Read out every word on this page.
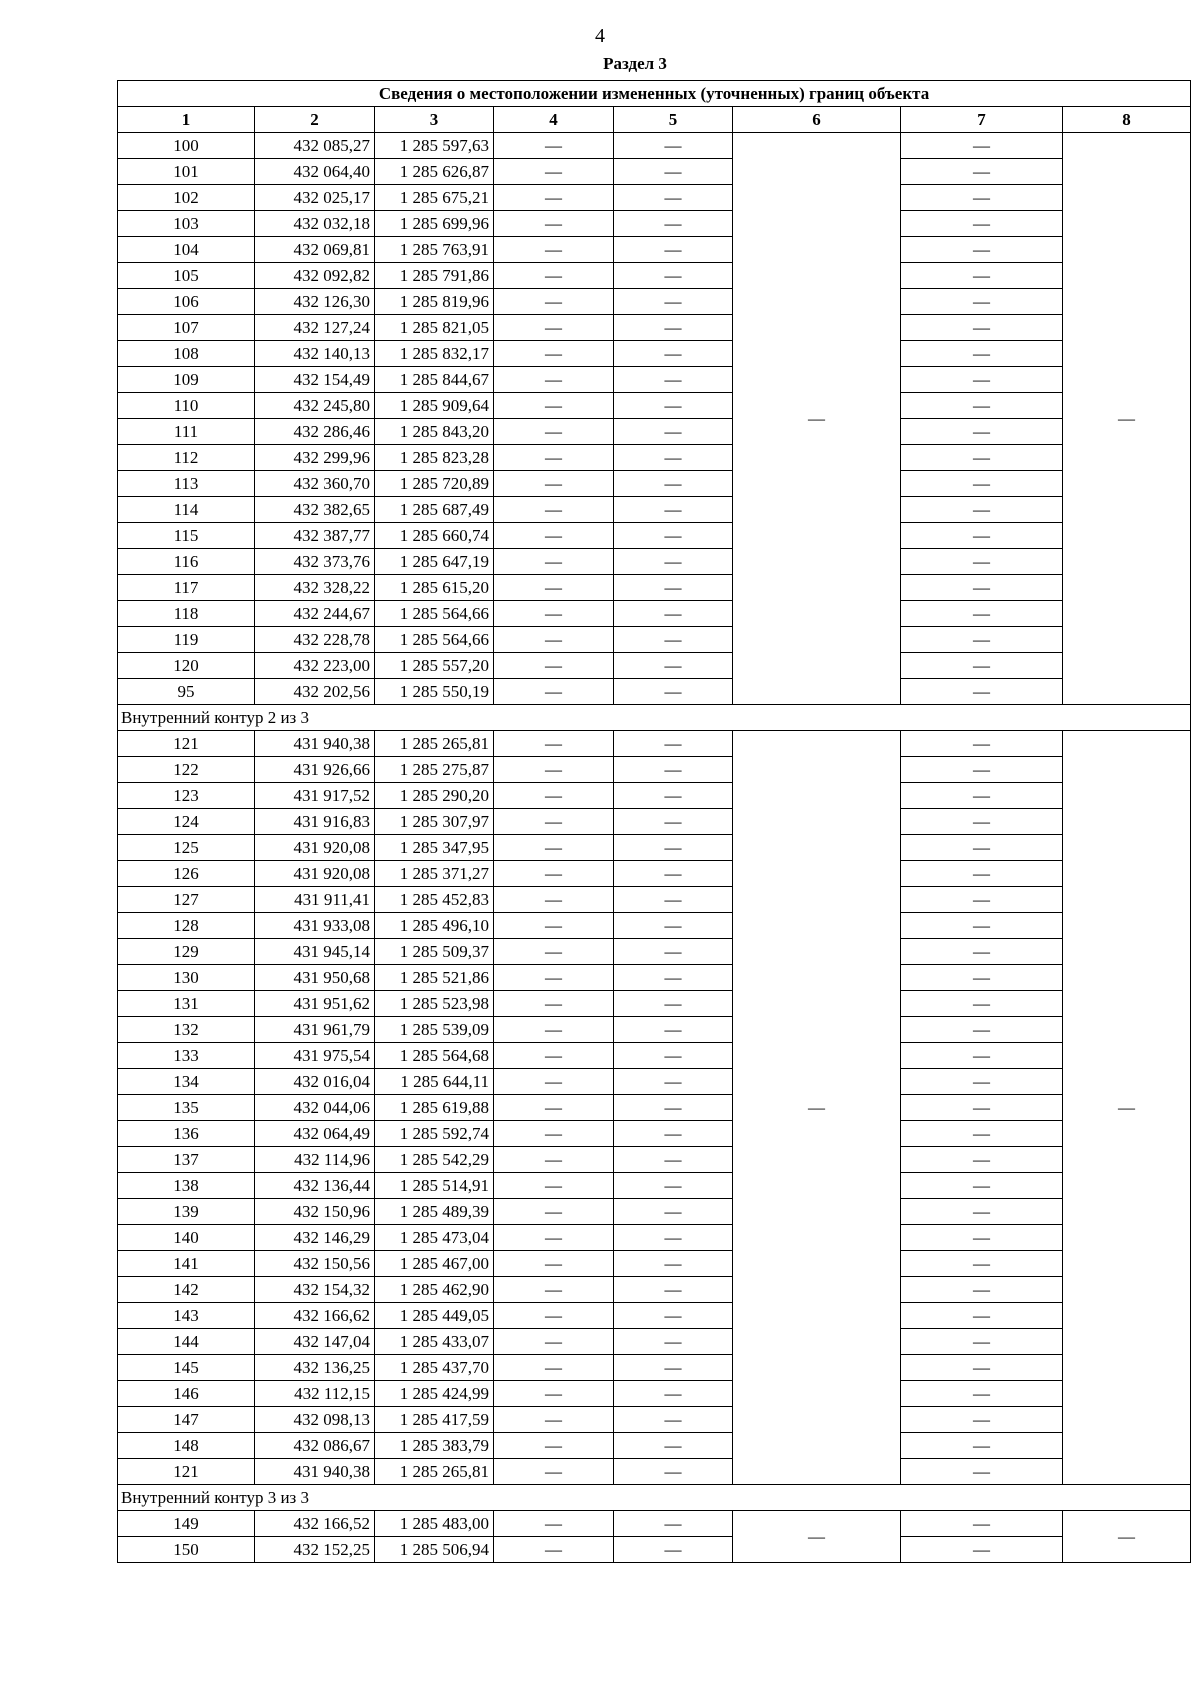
4
Раздел 3
Сведения о местоположении измененных (уточненных) границ объекта							
1	2	3	4	5	6	7	8
100	432 085,27	1 285 597,63	—	—	—	—	—
101	432 064,40	1 285 626,87	—	—		—	
102	432 025,17	1 285 675,21	—	—		—	
103	432 032,18	1 285 699,96	—	—		—	
104	432 069,81	1 285 763,91	—	—		—	
105	432 092,82	1 285 791,86	—	—		—	
106	432 126,30	1 285 819,96	—	—		—	
107	432 127,24	1 285 821,05	—	—		—	
108	432 140,13	1 285 832,17	—	—		—	
109	432 154,49	1 285 844,67	—	—		—	
110	432 245,80	1 285 909,64	—	—		—	
111	432 286,46	1 285 843,20	—	—		—	
112	432 299,96	1 285 823,28	—	—		—	
113	432 360,70	1 285 720,89	—	—		—	
114	432 382,65	1 285 687,49	—	—		—	
115	432 387,77	1 285 660,74	—	—		—	
116	432 373,76	1 285 647,19	—	—		—	
117	432 328,22	1 285 615,20	—	—		—	
118	432 244,67	1 285 564,66	—	—		—	
119	432 228,78	1 285 564,66	—	—		—	
120	432 223,00	1 285 557,20	—	—		—	
95	432 202,56	1 285 550,19	—	—		—	
Внутренний контур 2 из 3							
121	431 940,38	1 285 265,81	—	—	—	—	—
122	431 926,66	1 285 275,87	—	—		—	
123	431 917,52	1 285 290,20	—	—		—	
124	431 916,83	1 285 307,97	—	—		—	
125	431 920,08	1 285 347,95	—	—		—	
126	431 920,08	1 285 371,27	—	—		—	
127	431 911,41	1 285 452,83	—	—		—	
128	431 933,08	1 285 496,10	—	—		—	
129	431 945,14	1 285 509,37	—	—		—	
130	431 950,68	1 285 521,86	—	—		—	
131	431 951,62	1 285 523,98	—	—		—	
132	431 961,79	1 285 539,09	—	—		—	
133	431 975,54	1 285 564,68	—	—		—	
134	432 016,04	1 285 644,11	—	—		—	
135	432 044,06	1 285 619,88	—	—		—	
136	432 064,49	1 285 592,74	—	—		—	
137	432 114,96	1 285 542,29	—	—		—	
138	432 136,44	1 285 514,91	—	—		—	
139	432 150,96	1 285 489,39	—	—		—	
140	432 146,29	1 285 473,04	—	—		—	
141	432 150,56	1 285 467,00	—	—		—	
142	432 154,32	1 285 462,90	—	—		—	
143	432 166,62	1 285 449,05	—	—		—	
144	432 147,04	1 285 433,07	—	—		—	
145	432 136,25	1 285 437,70	—	—		—	
146	432 112,15	1 285 424,99	—	—		—	
147	432 098,13	1 285 417,59	—	—		—	
148	432 086,67	1 285 383,79	—	—		—	
121	431 940,38	1 285 265,81	—	—		—	
Внутренний контур 3 из 3							
149	432 166,52	1 285 483,00	—	—	—	—	—
150	432 152,25	1 285 506,94	—	—		—	
